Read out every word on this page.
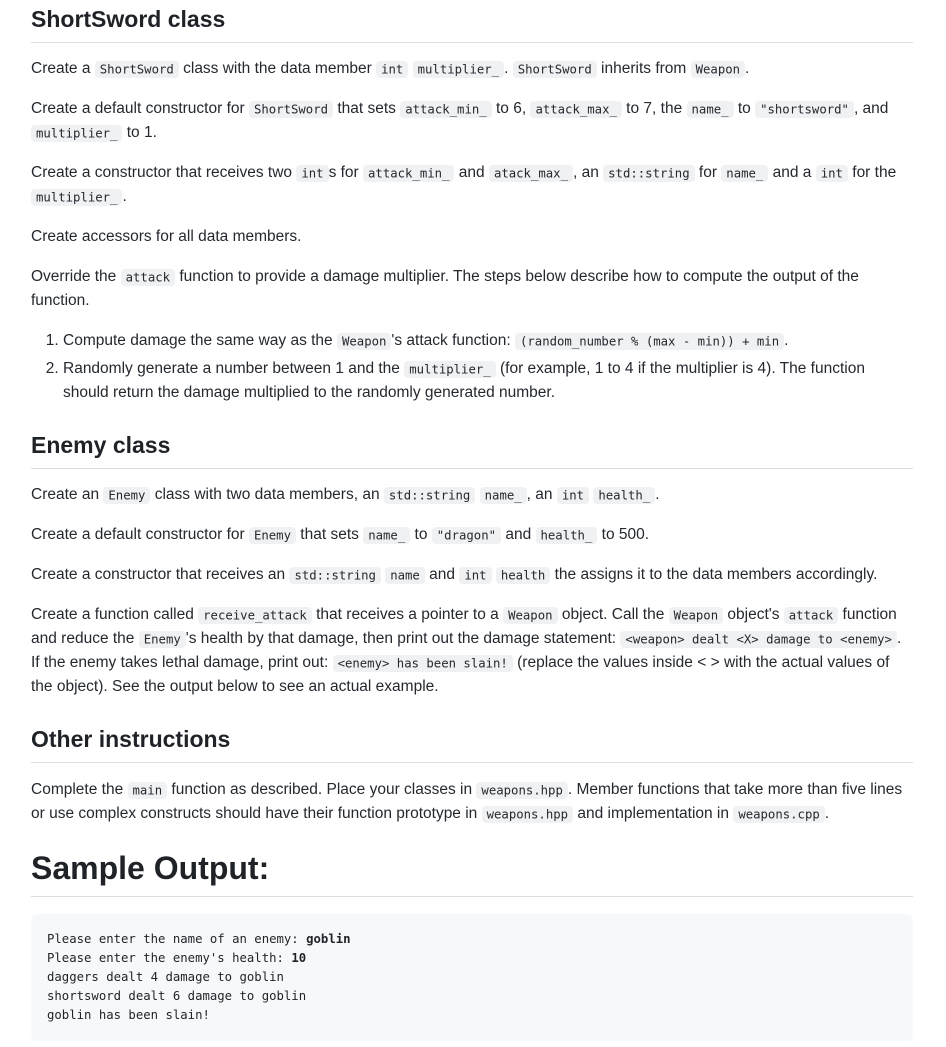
ShortSword class

Create a ShortSword class with the data member int multiplier_ . ShortSword inherits from Weapon .

Create a default constructor for ShortSword that sets attack_min_ to 6, attack_max_ to 7, the name_ to "shortsword" , and multiplier_ to 1.

Create a constructor that receives two int s for attack_min_ and atack_max_ , an std::string for name_ and a int for the multiplier_ .

Create accessors for all data members.

Override the attack function to provide a damage multiplier. The steps below describe how to compute the output of the function.

1. Compute damage the same way as the Weapon 's attack function: (random_number % (max - min)) + min .
2. Randomly generate a number between 1 and the multiplier_ (for example, 1 to 4 if the multiplier is 4). The function should return the damage multiplied to the randomly generated number.
Enemy class

Create an Enemy class with two data members, an std::string name_ , an int health_ .

Create a default constructor for Enemy that sets name_ to "dragon" and health_ to 500.

Create a constructor that receives an std::string name and int health the assigns it to the data members accordingly.

Create a function called receive_attack that receives a pointer to a Weapon object. Call the Weapon object's attack function and reduce the Enemy 's health by that damage, then print out the damage statement: <weapon> dealt <X> damage to <enemy> . If the enemy takes lethal damage, print out: <enemy> has been slain! (replace the values inside < > with the actual values of the object). See the output below to see an actual example.

Other instructions

Complete the main function as described. Place your classes in weapons.hpp . Member functions that take more than five lines or use complex constructs should have their function prototype in weapons.hpp and implementation in weapons.cpp .

Sample Output:
Please enter the name of an enemy: goblin
Please enter the enemy's health: 10
daggers dealt 4 damage to goblin
shortsword dealt 6 damage to goblin
goblin has been slain!
